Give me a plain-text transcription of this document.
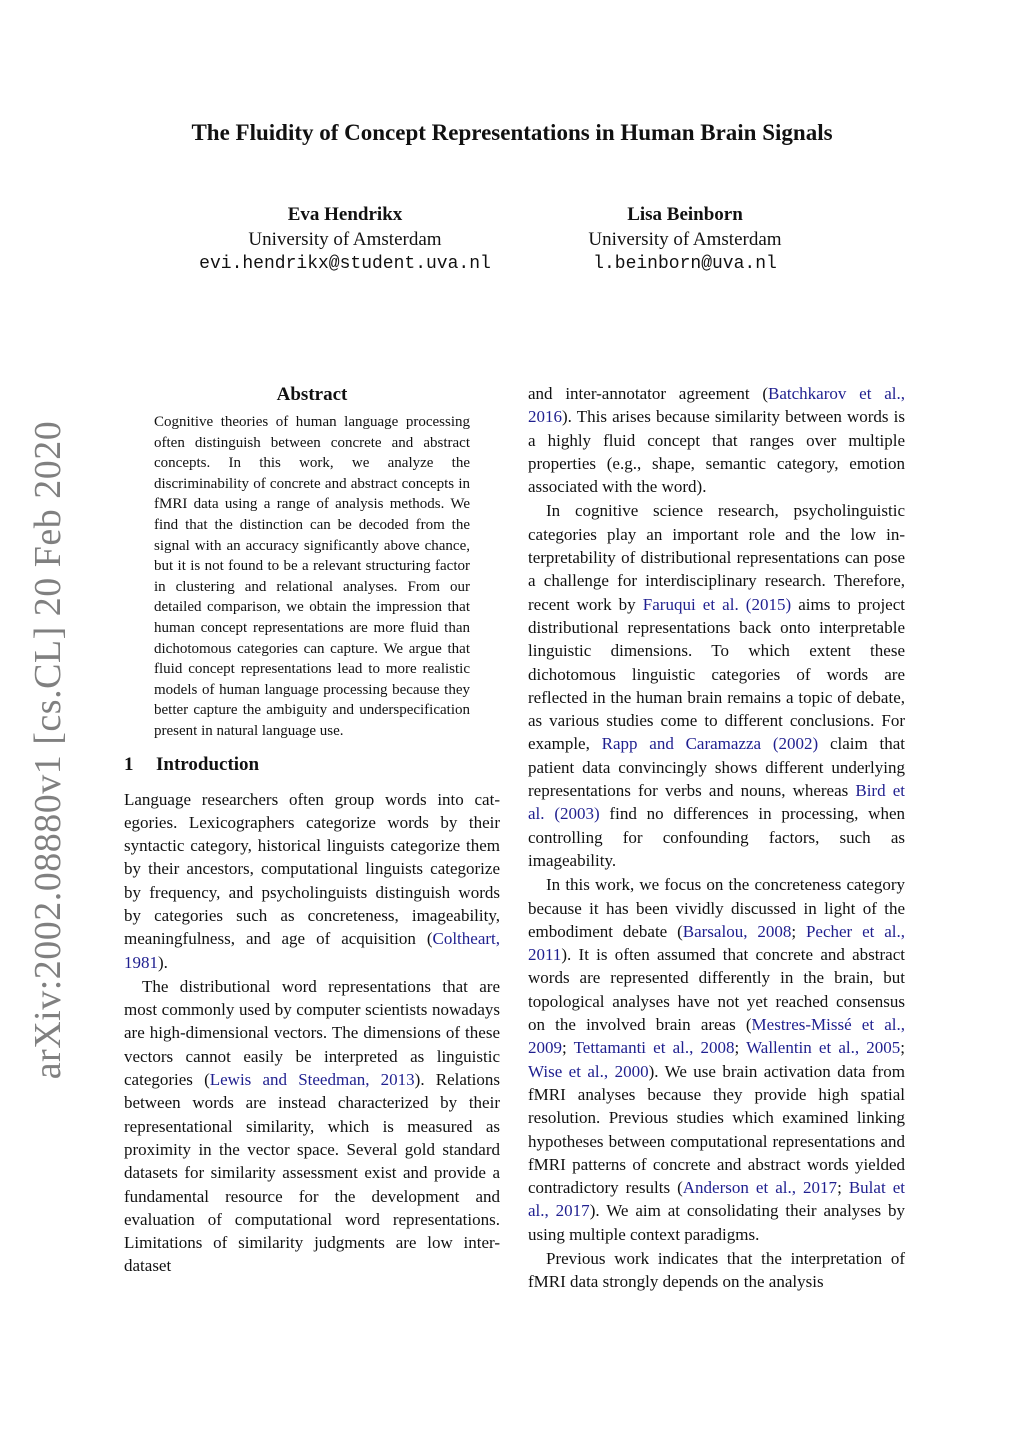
The Fluidity of Concept Representations in Human Brain Signals
Eva Hendrikx
University of Amsterdam
evi.hendrikx@student.uva.nl
Lisa Beinborn
University of Amsterdam
l.beinborn@uva.nl
arXiv:2002.08880v1 [cs.CL] 20 Feb 2020
Abstract
Cognitive theories of human language processing often distinguish between concrete and abstract concepts. In this work, we analyze the discriminability of concrete and abstract concepts in fMRI data using a range of analysis methods. We find that the distinction can be decoded from the signal with an accuracy significantly above chance, but it is not found to be a relevant structuring factor in clustering and relational analyses. From our detailed comparison, we obtain the impression that human concept representations are more fluid than dichotomous categories can capture. We argue that fluid concept representations lead to more realistic models of human language processing because they better capture the ambiguity and underspecification present in natural language use.
1 Introduction

Language researchers often group words into categories. Lexicographers categorize words by their syntactic category, historical linguists categorize them by their ancestors, computational linguists categorize by frequency, and psycholinguists distinguish words by categories such as concreteness, imageability, meaningfulness, and age of acquisition (Coltheart, 1981).

The distributional word representations that are most commonly used by computer scientists nowadays are high-dimensional vectors. The dimensions of these vectors cannot easily be interpreted as linguistic categories (Lewis and Steedman, 2013). Relations between words are instead characterized by their representational similarity, which is measured as proximity in the vector space. Several gold standard datasets for similarity assessment exist and provide a fundamental resource for the development and evaluation of computational word representations. Limitations of similarity judgments are low inter-dataset

and inter-annotator agreement (Batchkarov et al., 2016). This arises because similarity between words is a highly fluid concept that ranges over multiple properties (e.g., shape, semantic category, emotion associated with the word).

In cognitive science research, psycholinguistic categories play an important role and the low interpretability of distributional representations can pose a challenge for interdisciplinary research. Therefore, recent work by Faruqui et al. (2015) aims to project distributional representations back onto interpretable linguistic dimensions. To which extent these dichotomous linguistic categories of words are reflected in the human brain remains a topic of debate, as various studies come to different conclusions. For example, Rapp and Caramazza (2002) claim that patient data convincingly shows different underlying representations for verbs and nouns, whereas Bird et al. (2003) find no differences in processing, when controlling for confounding factors, such as imageability.

In this work, we focus on the concreteness category because it has been vividly discussed in light of the embodiment debate (Barsalou, 2008; Pecher et al., 2011). It is often assumed that concrete and abstract words are represented differently in the brain, but topological analyses have not yet reached consensus on the involved brain areas (Mestres-Missé et al., 2009; Tettamanti et al., 2008; Wallentin et al., 2005; Wise et al., 2000). We use brain activation data from fMRI analyses because they provide high spatial resolution. Previous studies which examined linking hypotheses between computational representations and fMRI patterns of concrete and abstract words yielded contradictory results (Anderson et al., 2017; Bulat et al., 2017). We aim at consolidating their analyses by using multiple context paradigms.

Previous work indicates that the interpretation of fMRI data strongly depends on the analysis
